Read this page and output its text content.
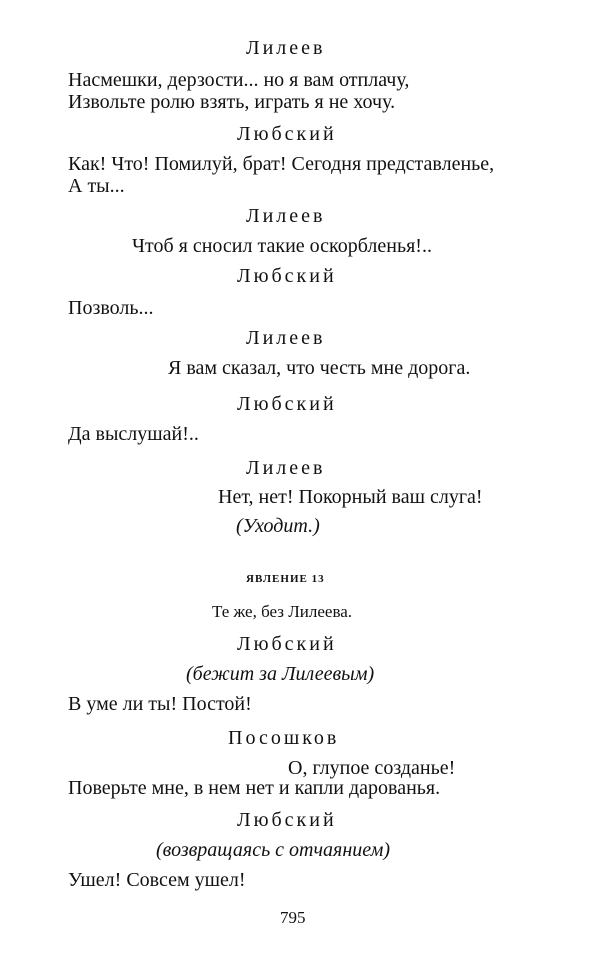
Лилеев
Насмешки, дерзости... но я вам отплачу,
Извольте ролю взять, играть я не хочу.
Любский
Как! Что! Помилуй, брат! Сегодня представленье,
А ты...
Лилеев
Чтоб я сносил такие оскорбленья!..
Любский
Позволь...
Лилеев
Я вам сказал, что честь мне дорога.
Любский
Да выслушай!..
Лилеев
Нет, нет! Покорный ваш слуга!
(Уходит.)
ЯВЛЕНИЕ 13
Те же, без Лилеева.
Любский
(бежит за Лилеевым)
В уме ли ты! Постой!
Посошков
О, глупое созданье!
Поверьте мне, в нем нет и капли дарованья.
Любский
(возвращаясь с отчаянием)
Ушел! Совсем ушел!
795
